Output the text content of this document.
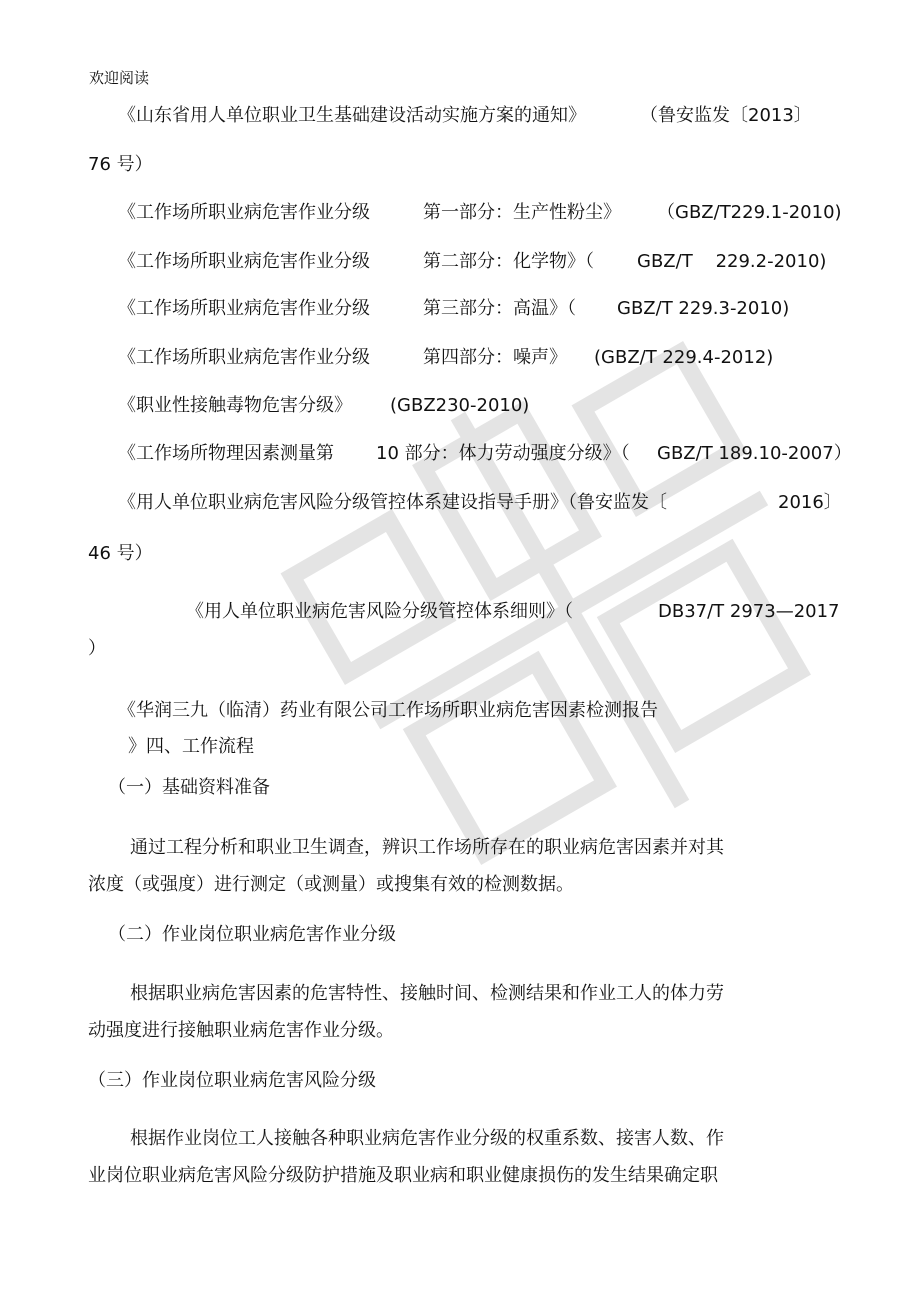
欢迎阅读
《山东省用人单位职业卫生基础建设活动实施方案的通知》	（鲁安监发〔2013〕
76 号）
《工作场所职业病危害作业分级	第一部分：生产性粉尘》 （GBZ/T229.1-2010)
《工作场所职业病危害作业分级	第二部分：化学物》（ GBZ/T    229.2-2010)
《工作场所职业病危害作业分级	第三部分：高温》（ GBZ/T 229.3-2010)
《工作场所职业病危害作业分级	第四部分：噪声》 (GBZ/T 229.4-2012)
《职业性接触毒物危害分级》 (GBZ230-2010)
《工作场所物理因素测量第 10 部分：体力劳动强度分级》（ GBZ/T 189.10-2007）
《用人单位职业病危害风险分级管控体系建设指导手册》（鲁安监发〔	2016〕
46 号）
《用人单位职业病危害风险分级管控体系细则》（	DB37/T 2973—2017
）
《华润三九（临清）药业有限公司工作场所职业病危害因素检测报告
》四、工作流程
（一）基础资料准备
通过工程分析和职业卫生调查，辨识工作场所存在的职业病危害因素并对其
浓度（或强度）进行测定（或测量）或搜集有效的检测数据。
（二）作业岗位职业病危害作业分级
根据职业病危害因素的危害特性、接触时间、检测结果和作业工人的体力劳
动强度进行接触职业病危害作业分级。
（三）作业岗位职业病危害风险分级
根据作业岗位工人接触各种职业病危害作业分级的权重系数、接害人数、作
业岗位职业病危害风险分级防护措施及职业病和职业健康损伤的发生结果确定职
